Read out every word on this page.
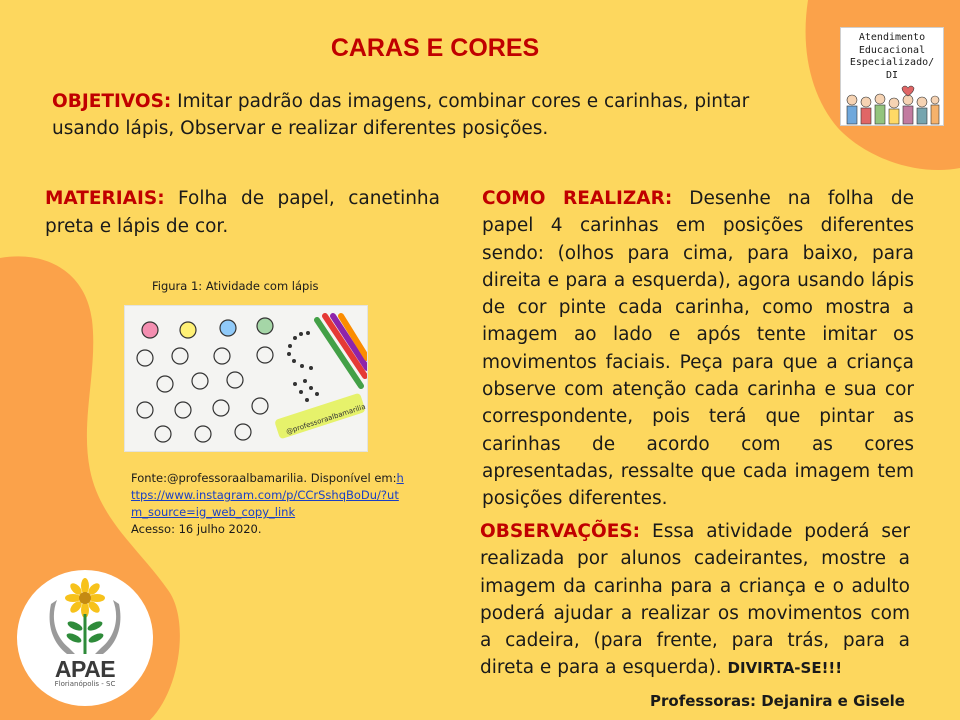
CARAS E CORES
OBJETIVOS: Imitar padrão das imagens, combinar cores e carinhas, pintar usando lápis, Observar e realizar diferentes posições.
Atendimento
Educacional
Especializado/ DI
MATERIAIS: Folha de papel, canetinha preta e lápis de cor.
Figura 1: Atividade com lápis
@professoraalbamarilia
Fonte:@professoraalbamarilia. Disponível em:https://www.instagram.com/p/CCrSshqBoDu/?utm_source=ig_web_copy_link
Acesso: 16 julho 2020.
COMO REALIZAR: Desenhe na folha de papel 4 carinhas em posições diferentes sendo: (olhos para cima, para baixo, para direita e para a esquerda), agora usando lápis de cor pinte cada carinha, como mostra a imagem ao lado e após tente imitar os movimentos faciais. Peça para que a criança observe com atenção cada carinha e sua cor correspondente, pois terá que pintar as carinhas de acordo com as cores apresentadas, ressalte que cada imagem tem posições diferentes.
OBSERVAÇÕES: Essa atividade poderá ser realizada por alunos cadeirantes, mostre a imagem da carinha para a criança e o adulto poderá ajudar a realizar os movimentos com a cadeira, (para frente, para trás, para a direta e para a esquerda). DIVIRTA-SE!!!
Professoras: Dejanira e Gisele
APAE
Florianópolis - SC
